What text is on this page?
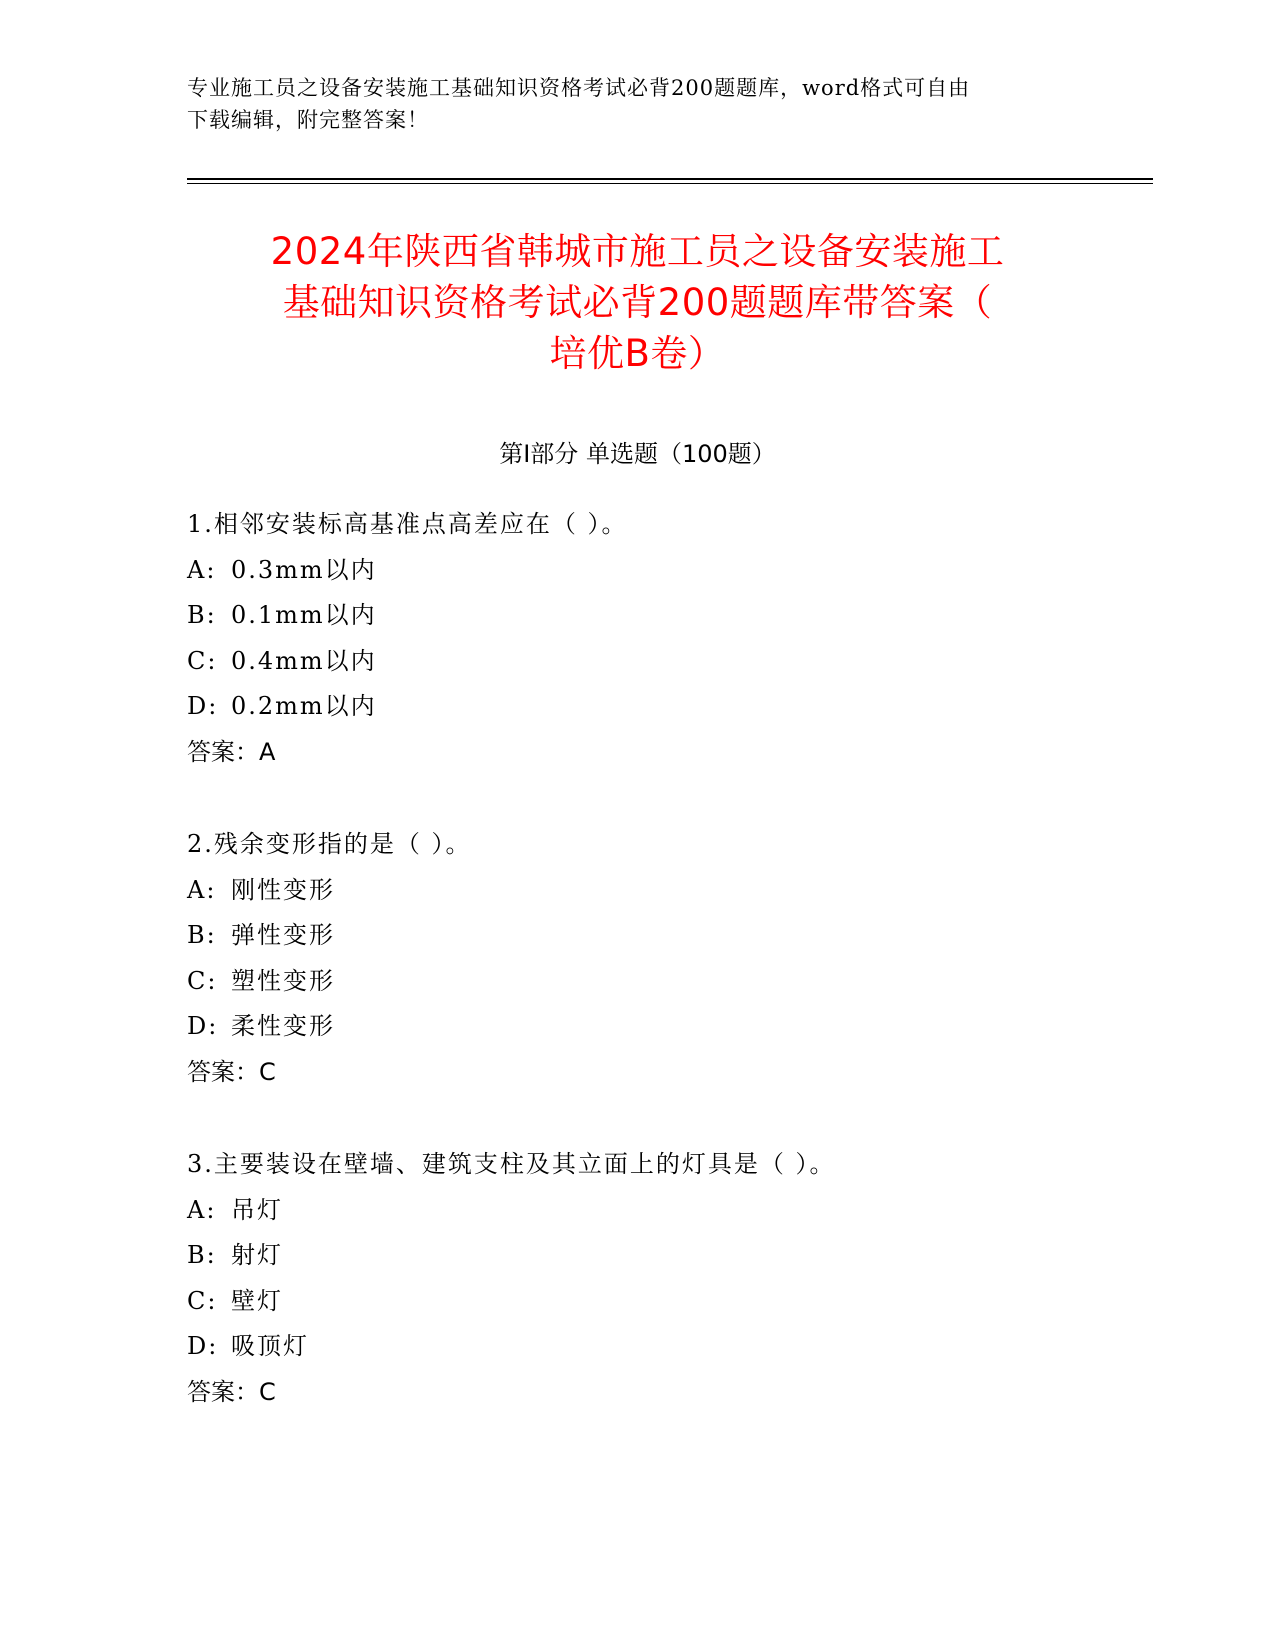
专业施工员之设备安装施工基础知识资格考试必背200题题库，word格式可自由
下载编辑，附完整答案！
2024年陕西省韩城市施工员之设备安装施工
基础知识资格考试必背200题题库带答案（
培优B卷）
第I部分 单选题（100题）
1.相邻安装标高基准点高差应在（ ）。
A: 0.3mm以内
B: 0.1mm以内
C: 0.4mm以内
D: 0.2mm以内
答案：A
2.残余变形指的是（ ）。
A: 刚性变形
B: 弹性变形
C: 塑性变形
D: 柔性变形
答案：C
3.主要装设在壁墙、建筑支柱及其立面上的灯具是（ ）。
A: 吊灯
B: 射灯
C: 壁灯
D: 吸顶灯
答案：C
